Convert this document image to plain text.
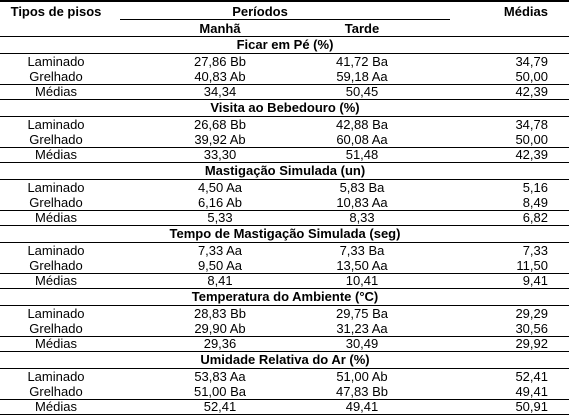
Tipos de pisos	Períodos	Médias
Manhã	Tarde
Ficar em Pé (%)
Laminado	27,86 Bb	41,72 Ba	34,79
Grelhado	40,83 Ab	59,18 Aa	50,00
Médias	34,34	50,45	42,39
Visita ao Bebedouro (%)
Laminado	26,68 Bb	42,88 Ba	34,78
Grelhado	39,92 Ab	60,08 Aa	50,00
Médias	33,30	51,48	42,39
Mastigação Simulada (un)
Laminado	4,50 Aa	5,83 Ba	5,16
Grelhado	6,16 Ab	10,83 Aa	8,49
Médias	5,33	8,33	6,82
Tempo de Mastigação Simulada (seg)
Laminado	7,33 Aa	7,33 Ba	7,33
Grelhado	9,50 Aa	13,50 Aa	11,50
Médias	8,41	10,41	9,41
Temperatura do Ambiente (°C)
Laminado	28,83 Bb	29,75 Ba	29,29
Grelhado	29,90 Ab	31,23 Aa	30,56
Médias	29,36	30,49	29,92
Umidade Relativa do Ar (%)
Laminado	53,83 Aa	51,00 Ab	52,41
Grelhado	51,00 Ba	47,83 Bb	49,41
Médias	52,41	49,41	50,91
